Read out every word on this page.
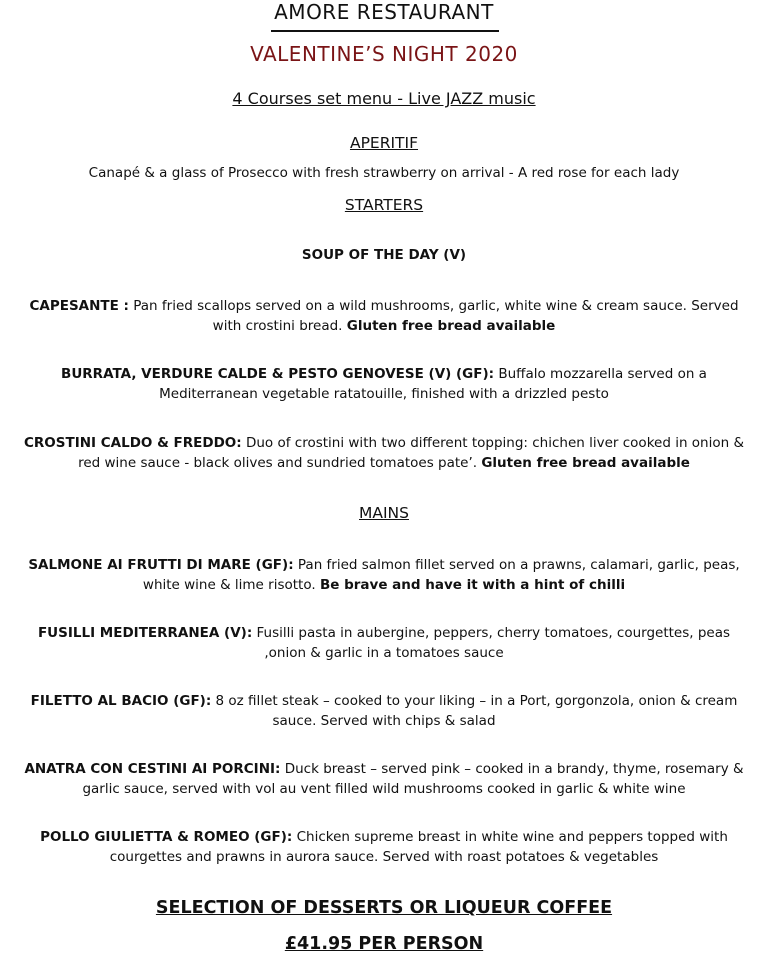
AMORE RESTAURANT
VALENTINE’S NIGHT 2020
4 Courses set menu - Live JAZZ music
APERITIF
Canapé & a glass of Prosecco with fresh strawberry on arrival - A red rose for each lady
STARTERS
SOUP OF THE DAY (V)
CAPESANTE : Pan fried scallops served on a wild mushrooms, garlic, white wine & cream sauce. Served with crostini bread. Gluten free bread available
BURRATA, VERDURE CALDE & PESTO GENOVESE (V) (GF): Buffalo mozzarella served on a Mediterranean vegetable ratatouille, finished with a drizzled pesto
CROSTINI CALDO & FREDDO: Duo of crostini with two different topping: chichen liver cooked in onion & red wine sauce - black olives and sundried tomatoes pate’. Gluten free bread available
MAINS
SALMONE AI FRUTTI DI MARE (GF): Pan fried salmon fillet served on a prawns, calamari, garlic, peas, white wine & lime risotto. Be brave and have it with a hint of chilli
FUSILLI MEDITERRANEA (V): Fusilli pasta in aubergine, peppers, cherry tomatoes, courgettes, peas ,onion & garlic in a tomatoes sauce
FILETTO AL BACIO (GF): 8 oz fillet steak – cooked to your liking – in a Port, gorgonzola, onion & cream sauce. Served with chips & salad
ANATRA CON CESTINI AI PORCINI: Duck breast – served pink – cooked in a brandy, thyme, rosemary & garlic sauce, served with vol au vent filled wild mushrooms cooked in garlic & white wine
POLLO GIULIETTA & ROMEO (GF): Chicken supreme breast in white wine and peppers topped with courgettes and prawns in aurora sauce. Served with roast potatoes & vegetables
SELECTION OF DESSERTS OR LIQUEUR COFFEE
£41.95 PER PERSON
